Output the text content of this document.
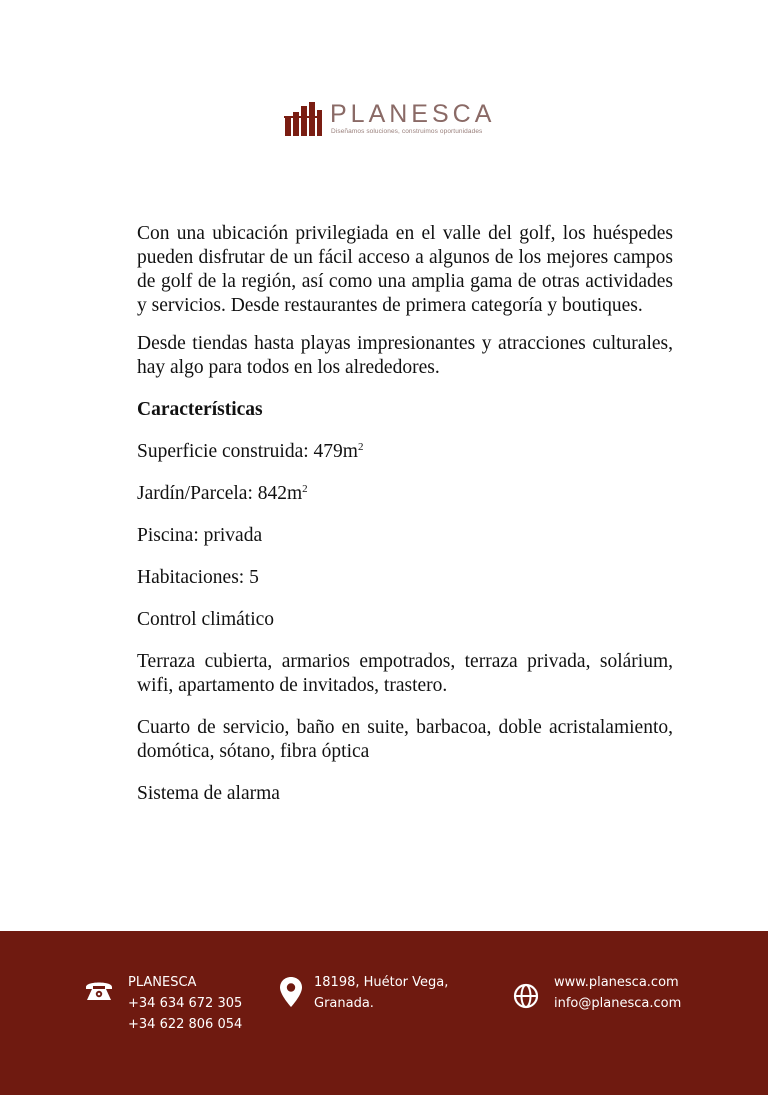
PLANESCA
Diseñamos soluciones, construimos oportunidades

Con una ubicación privilegiada en el valle del golf, los huéspedes pueden disfrutar de un fácil acceso a algunos de los mejores campos de golf de la región, así como una amplia gama de otras actividades y servicios. Desde restaurantes de primera categoría y boutiques.

Desde tiendas hasta playas impresionantes y atracciones culturales, hay algo para todos en los alrededores.

Características
Superficie construida: $479m^2$
Jardín/Parcela: $842m^2$
Piscina: privada
Habitaciones: 5
Control climático

Terraza cubierta, armarios empotrados, terraza privada, solárium, wifi, apartamento de invitados, trastero.

Cuarto de servicio, baño en suite, barbacoa, doble acristalamiento, domótica, sótano, fibra óptica

Sistema de alarma
PLANESCA
+34 634 672 305
+34 622 806 054
18198, Huétor Vega,
Granada.
www.planesca.com
info@planesca.com
